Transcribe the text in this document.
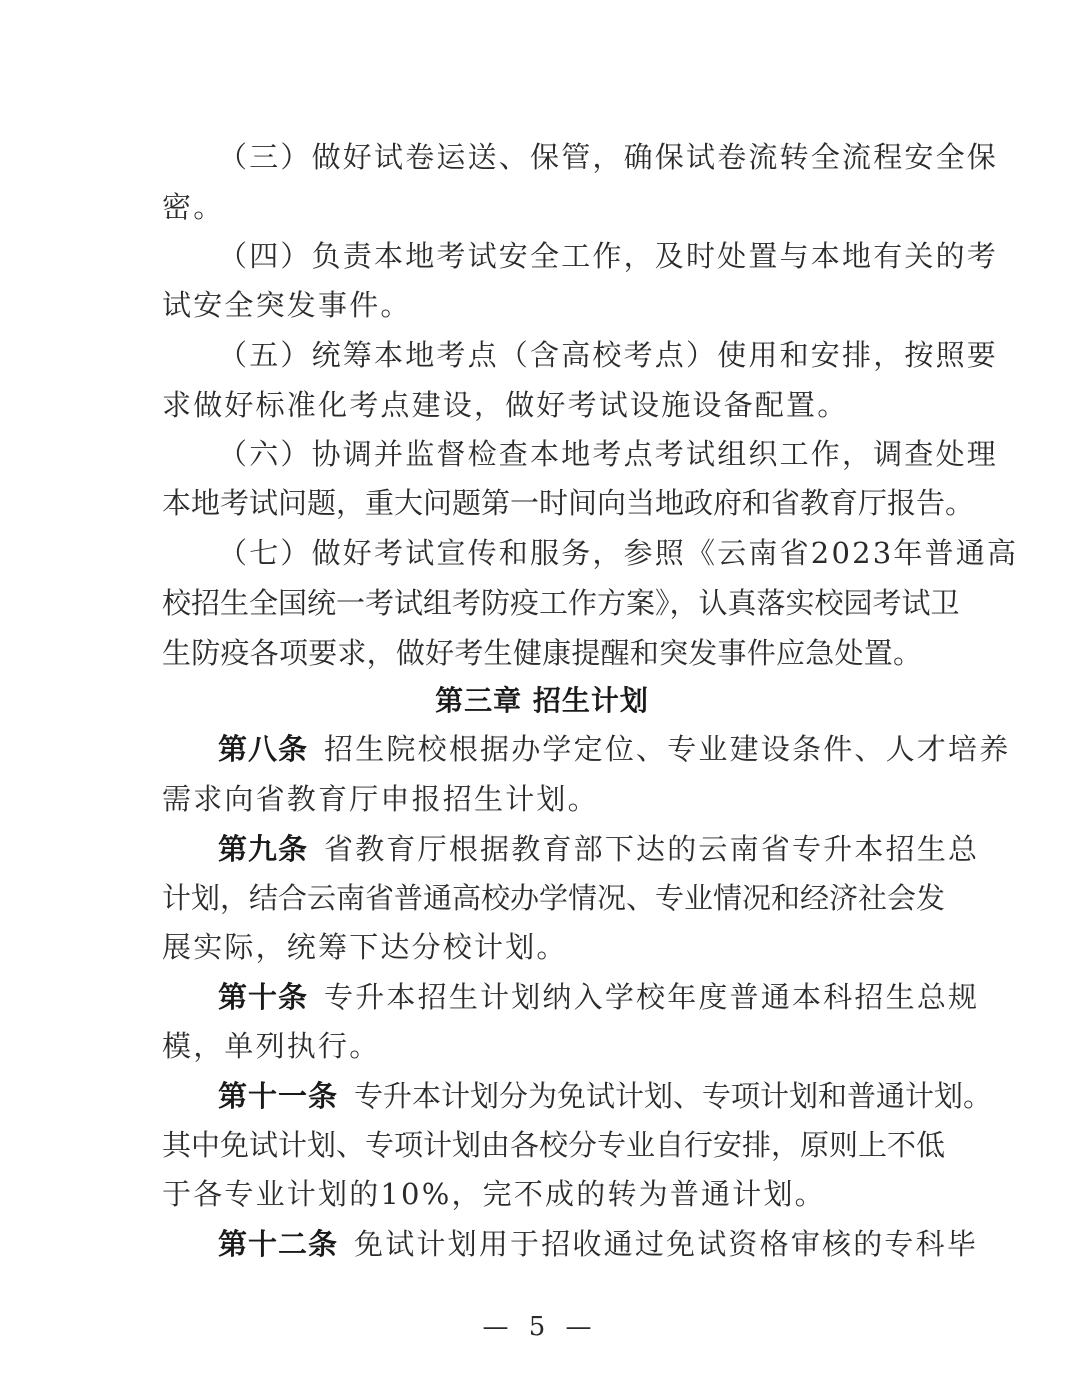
（三）做好试卷运送、保管，确保试卷流转全流程安全保
密。
（四）负责本地考试安全工作，及时处置与本地有关的考
试安全突发事件。
（五）统筹本地考点（含高校考点）使用和安排，按照要
求做好标准化考点建设，做好考试设施设备配置。
（六）协调并监督检查本地考点考试组织工作，调查处理
本地考试问题，重大问题第一时间向当地政府和省教育厅报告。
（七）做好考试宣传和服务，参照《云南省2023年普通高
校招生全国统一考试组考防疫工作方案》，认真落实校园考试卫
生防疫各项要求，做好考生健康提醒和突发事件应急处置。
第三章 招生计划
第八条 招生院校根据办学定位、专业建设条件、人才培养
需求向省教育厅申报招生计划。
第九条 省教育厅根据教育部下达的云南省专升本招生总
计划，结合云南省普通高校办学情况、专业情况和经济社会发
展实际，统筹下达分校计划。
第十条 专升本招生计划纳入学校年度普通本科招生总规
模，单列执行。
第十一条 专升本计划分为免试计划、专项计划和普通计划。
其中免试计划、专项计划由各校分专业自行安排，原则上不低
于各专业计划的10%，完不成的转为普通计划。
第十二条 免试计划用于招收通过免试资格审核的专科毕
— 5 —
